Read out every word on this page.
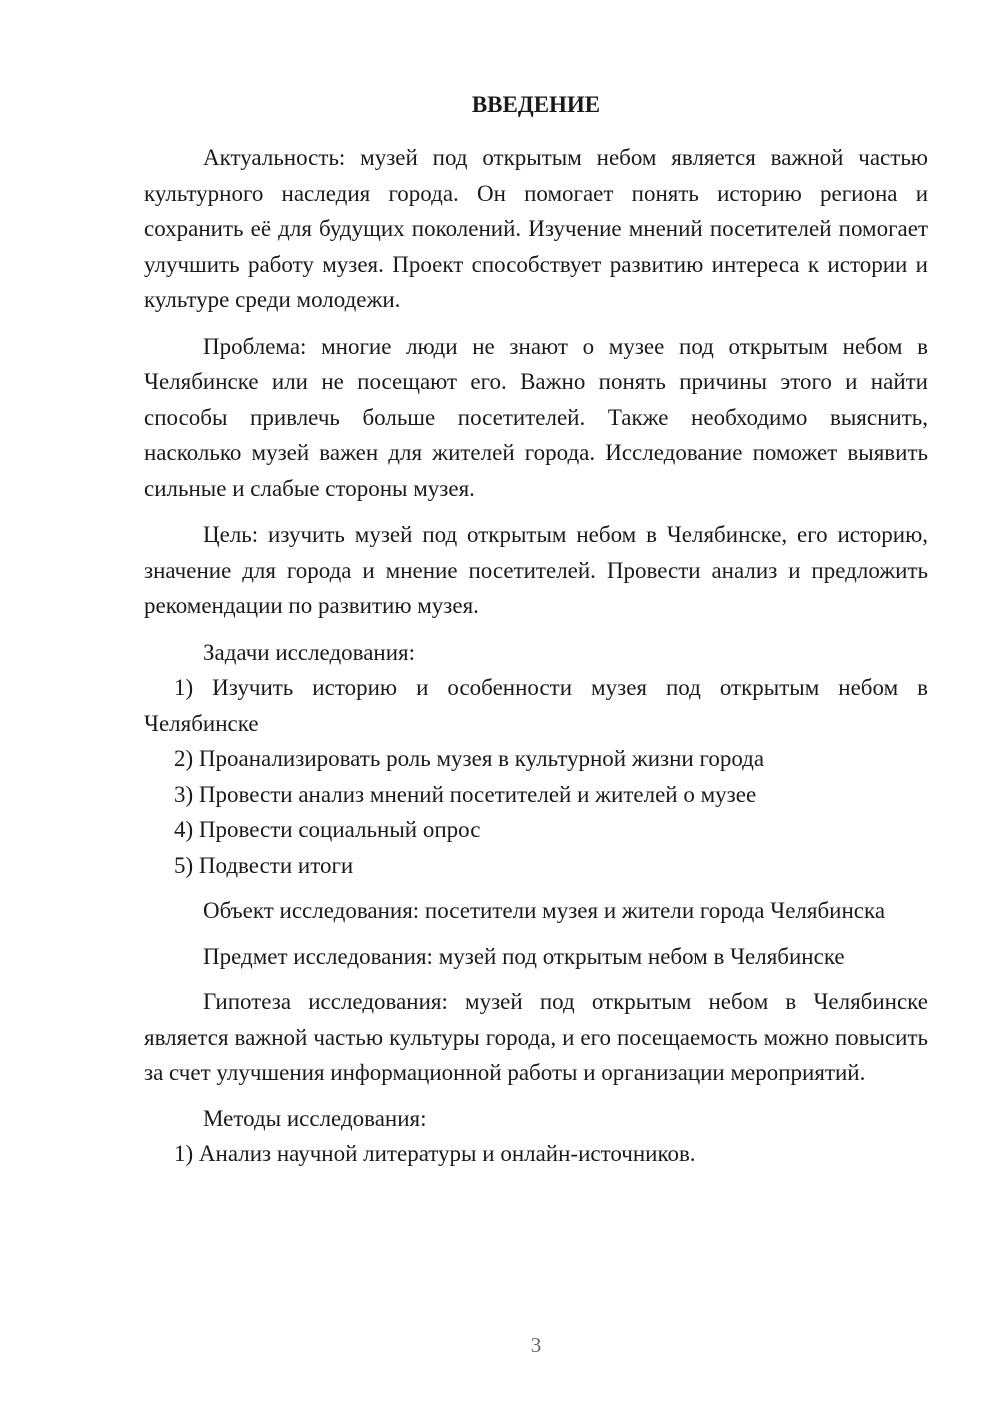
ВВЕДЕНИЕ

Актуальность: музей под открытым небом является важной частью культурного наследия города. Он помогает понять историю региона и сохранить её для будущих поколений. Изучение мнений посетителей помогает улучшить работу музея. Проект способствует развитию интереса к истории и культуре среди молодежи.

Проблема: многие люди не знают о музее под открытым небом в Челябинске или не посещают его. Важно понять причины этого и найти способы привлечь больше посетителей. Также необходимо выяснить, насколько музей важен для жителей города. Исследование поможет выявить сильные и слабые стороны музея.

Цель: изучить музей под открытым небом в Челябинске, его историю, значение для города и мнение посетителей. Провести анализ и предложить рекомендации по развитию музея.

Задачи исследования:

1) Изучить историю и особенности музея под открытым небом в Челябинске

2) Проанализировать роль музея в культурной жизни города

3) Провести анализ мнений посетителей и жителей о музее

4) Провести социальный опрос

5) Подвести итоги

Объект исследования: посетители музея и жители города Челябинска

Предмет исследования: музей под открытым небом в Челябинске

Гипотеза исследования: музей под открытым небом в Челябинске является важной частью культуры города, и его посещаемость можно повысить за счет улучшения информационной работы и организации мероприятий.

Методы исследования:

1) Анализ научной литературы и онлайн-источников.

3
